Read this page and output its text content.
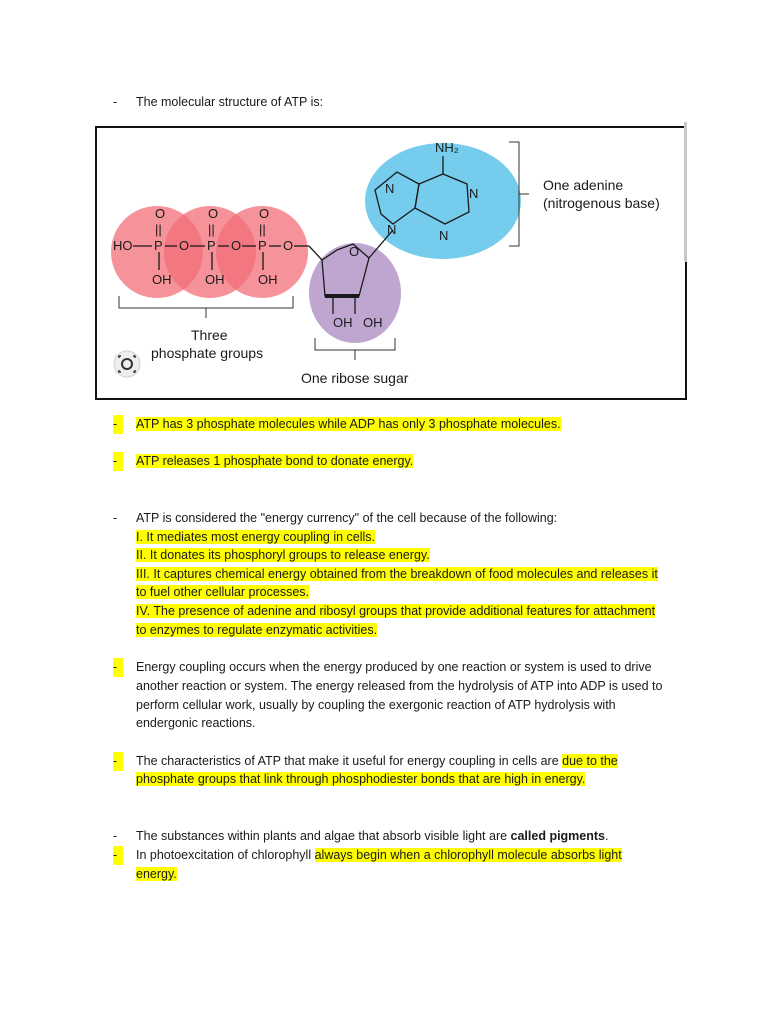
-	The molecular structure of ATP is:
O	O	O
||	||	||
HO P O P O P O
OH	OH	OH
O
OH OH
NH₂
N	N
N	N
One adenine
(nitrogenous base)
Three
phosphate groups
One ribose sugar
-	ATP has 3 phosphate molecules while ADP has only 3 phosphate molecules.
-	ATP releases 1 phosphate bond to donate energy.
-	ATP is considered the "energy currency" of the cell because of the following:
I. It mediates most energy coupling in cells.
II. It donates its phosphoryl groups to release energy.
III. It captures chemical energy obtained from the breakdown of food molecules and releases it
to fuel other cellular processes.
IV. The presence of adenine and ribosyl groups that provide additional features for attachment
to enzymes to regulate enzymatic activities.
-	Energy coupling occurs when the energy produced by one reaction or system is used to drive
another reaction or system. The energy released from the hydrolysis of ATP into ADP is used to
perform cellular work, usually by coupling the exergonic reaction of ATP hydrolysis with
endergonic reactions.
-	The characteristics of ATP that make it useful for energy coupling in cells are due to the
phosphate groups that link through phosphodiester bonds that are high in energy.
-	The substances within plants and algae that absorb visible light are called pigments.
-	In photoexcitation of chlorophyll always begin when a chlorophyll molecule absorbs light
energy.
